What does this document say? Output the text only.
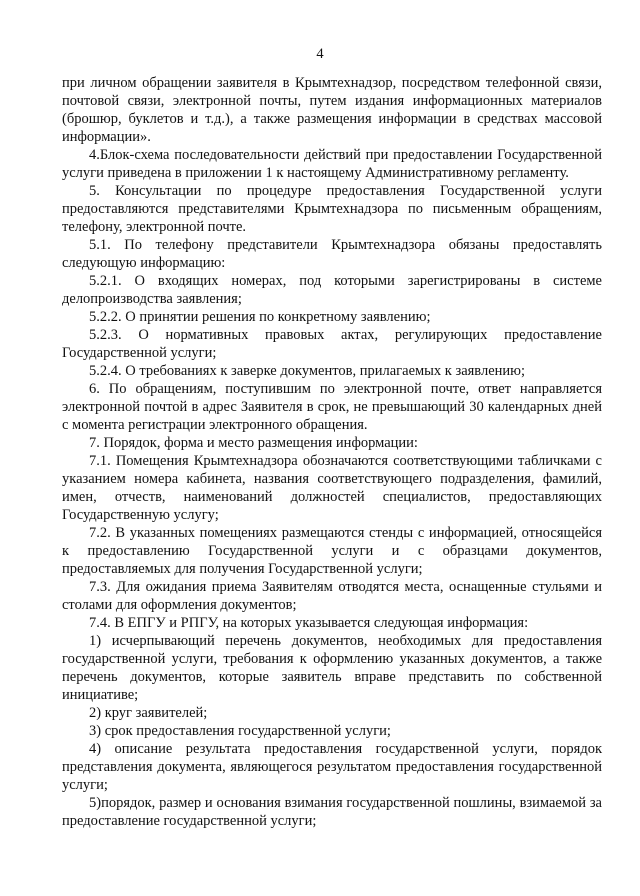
4

при личном обращении заявителя в Крымтехнадзор, посредством телефонной связи, почтовой связи, электронной почты, путем издания информационных материалов (брошюр, буклетов и т.д.), а также размещения информации в средствах массовой информации».

4.Блок-схема последовательности действий при предоставлении Государственной услуги приведена в приложении 1 к настоящему Административному регламенту.

5. Консультации по процедуре предоставления Государственной услуги предоставляются представителями Крымтехнадзора по письменным обращениям, телефону, электронной почте.

5.1. По телефону представители Крымтехнадзора обязаны предоставлять следующую информацию:

5.2.1. О входящих номерах, под которыми зарегистрированы в системе делопроизводства заявления;

5.2.2. О принятии решения по конкретному заявлению;

5.2.3. О нормативных правовых актах, регулирующих предоставление Государственной услуги;

5.2.4. О требованиях к заверке документов, прилагаемых к заявлению;

6. По обращениям, поступившим по электронной почте, ответ направляется электронной почтой в адрес Заявителя в срок, не превышающий 30 календарных дней с момента регистрации электронного обращения.

7. Порядок, форма и место размещения информации:

7.1. Помещения Крымтехнадзора обозначаются соответствующими табличками с указанием номера кабинета, названия соответствующего подразделения, фамилий, имен, отчеств, наименований должностей специалистов, предоставляющих Государственную услугу;

7.2. В указанных помещениях размещаются стенды с информацией, относящейся к предоставлению Государственной услуги и с образцами документов, предоставляемых для получения Государственной услуги;

7.3. Для ожидания приема Заявителям отводятся места, оснащенные стульями и столами для оформления документов;

7.4. В ЕПГУ и РПГУ, на которых указывается следующая информация:

1) исчерпывающий перечень документов, необходимых для предоставления государственной услуги, требования к оформлению указанных документов, а также перечень документов, которые заявитель вправе представить по собственной инициативе;

2) круг заявителей;

3) срок предоставления государственной услуги;

4) описание результата предоставления государственной услуги, порядок представления документа, являющегося результатом предоставления государственной услуги;

5)порядок, размер и основания взимания государственной пошлины, взимаемой за предоставление государственной услуги;
